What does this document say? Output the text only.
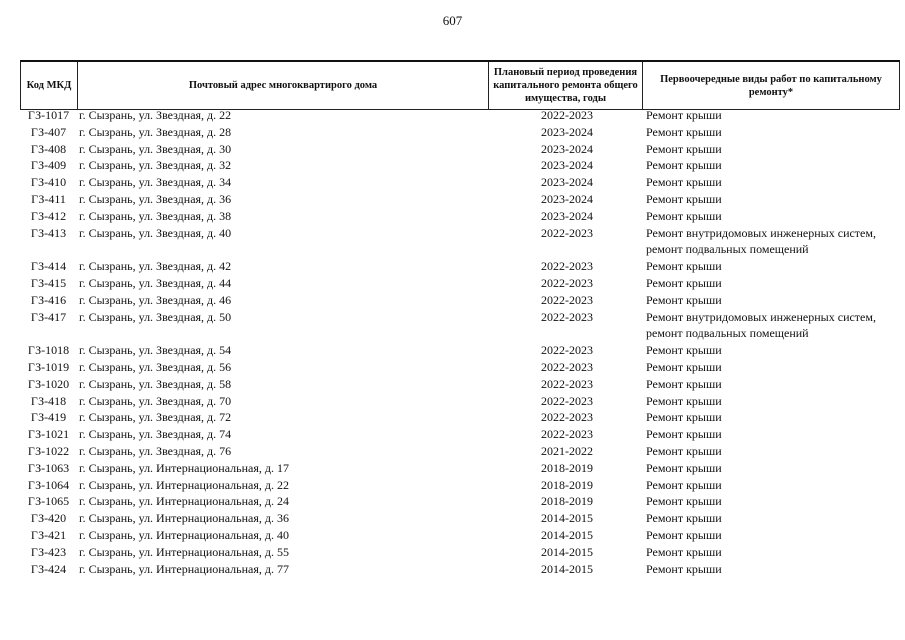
607
Код МКД	Почтовый адрес многоквартирого дома
Плановый период проведения капитального ремонта общего имущества, годы
Первоочередные виды работ по капитальному ремонту*
ГЗ-1017 г. Сызрань, ул. Звездная, д. 22	2022-2023	Ремонт крыши
ГЗ-407	г. Сызрань, ул. Звездная, д. 28	2023-2024	Ремонт крыши
ГЗ-408	г. Сызрань, ул. Звездная, д. 30	2023-2024	Ремонт крыши
ГЗ-409	г. Сызрань, ул. Звездная, д. 32	2023-2024	Ремонт крыши
ГЗ-410	г. Сызрань, ул. Звездная, д. 34	2023-2024	Ремонт крыши
ГЗ-411	г. Сызрань, ул. Звездная, д. 36	2023-2024	Ремонт крыши
ГЗ-412	г. Сызрань, ул. Звездная, д. 38	2023-2024	Ремонт крыши
ГЗ-413	г. Сызрань, ул. Звездная, д. 40	2022-2023	Ремонт внутридомовых инженерных систем,
ремонт подвальных помещений
ГЗ-414	г. Сызрань, ул. Звездная, д. 42	2022-2023	Ремонт крыши
ГЗ-415	г. Сызрань, ул. Звездная, д. 44	2022-2023	Ремонт крыши
ГЗ-416	г. Сызрань, ул. Звездная, д. 46	2022-2023	Ремонт крыши
ГЗ-417	г. Сызрань, ул. Звездная, д. 50	2022-2023	Ремонт внутридомовых инженерных систем,
ремонт подвальных помещений
ГЗ-1018 г. Сызрань, ул. Звездная, д. 54	2022-2023	Ремонт крыши
ГЗ-1019 г. Сызрань, ул. Звездная, д. 56	2022-2023	Ремонт крыши
ГЗ-1020 г. Сызрань, ул. Звездная, д. 58	2022-2023	Ремонт крыши
ГЗ-418	г. Сызрань, ул. Звездная, д. 70	2022-2023	Ремонт крыши
ГЗ-419	г. Сызрань, ул. Звездная, д. 72	2022-2023	Ремонт крыши
ГЗ-1021 г. Сызрань, ул. Звездная, д. 74	2022-2023	Ремонт крыши
ГЗ-1022 г. Сызрань, ул. Звездная, д. 76	2021-2022	Ремонт крыши
ГЗ-1063 г. Сызрань, ул. Интернациональная, д. 17	2018-2019	Ремонт крыши
ГЗ-1064 г. Сызрань, ул. Интернациональная, д. 22	2018-2019	Ремонт крыши
ГЗ-1065 г. Сызрань, ул. Интернациональная, д. 24	2018-2019	Ремонт крыши
ГЗ-420	г. Сызрань, ул. Интернациональная, д. 36	2014-2015	Ремонт крыши
ГЗ-421	г. Сызрань, ул. Интернациональная, д. 40	2014-2015	Ремонт крыши
ГЗ-423	г. Сызрань, ул. Интернациональная, д. 55	2014-2015	Ремонт крыши
ГЗ-424	г. Сызрань, ул. Интернациональная, д. 77	2014-2015	Ремонт крыши
